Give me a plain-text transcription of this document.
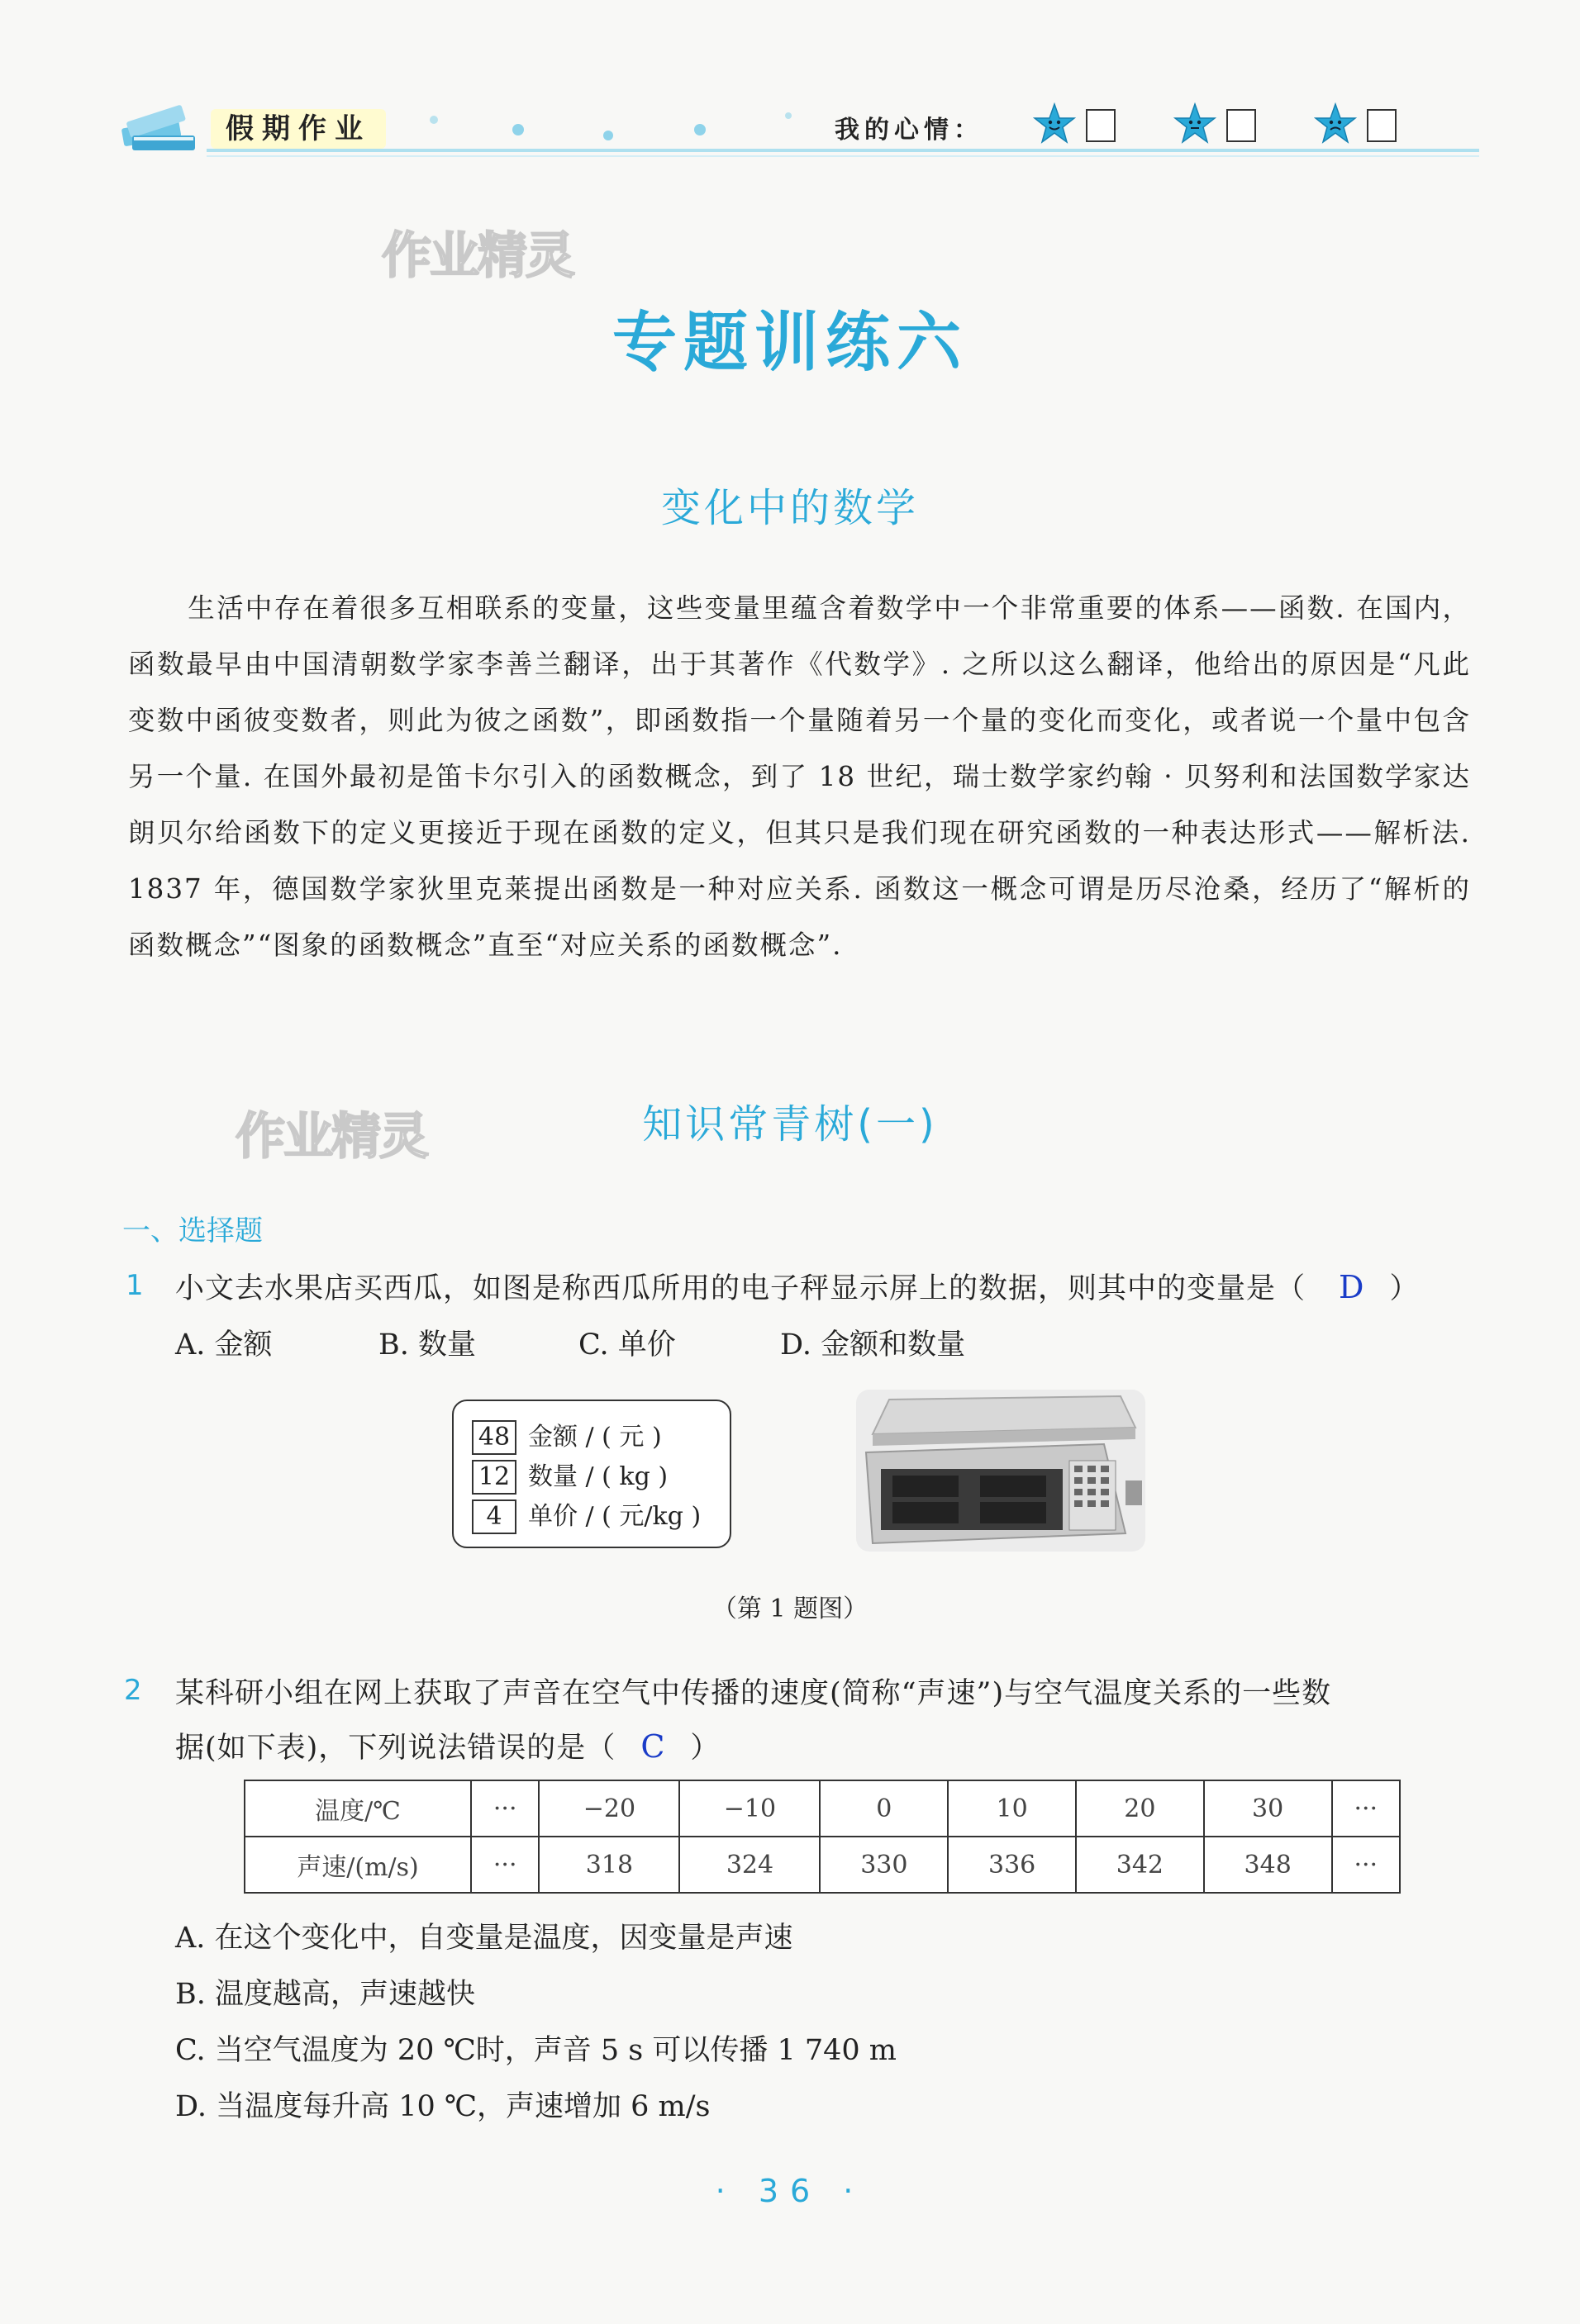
假期作业	我的心情：
作业精灵
作业精灵
专题训练六
变化中的数学
生活中存在着很多互相联系的变量，这些变量里蕴含着数学中一个非常重要的体系——函数. 在国内，函数最早由中国清朝数学家李善兰翻译，出于其著作《代数学》. 之所以这么翻译，他给出的原因是“凡此变数中函彼变数者，则此为彼之函数”，即函数指一个量随着另一个量的变化而变化，或者说一个量中包含另一个量. 在国外最初是笛卡尔引入的函数概念，到了 18 世纪，瑞士数学家约翰 · 贝努利和法国数学家达朗贝尔给函数下的定义更接近于现在函数的定义，但其只是我们现在研究函数的一种表达形式——解析法. 1837 年，德国数学家狄里克莱提出函数是一种对应关系. 函数这一概念可谓是历尽沧桑，经历了“解析的函数概念”“图象的函数概念”直至“对应关系的函数概念”.
知识常青树(一)
一、选择题
1 小文去水果店买西瓜，如图是称西瓜所用的电子秤显示屏上的数据，则其中的变量是（ D ）
A. 金额	B. 数量	C. 单价	D. 金额和数量
48 金额 / ( 元 )
12 数量 / ( kg )
4 单价 / ( 元/kg )
（第 1 题图）
2 某科研小组在网上获取了声音在空气中传播的速度(简称“声速”)与空气温度关系的一些数
据(如下表)，下列说法错误的是（ C ）
温度/℃	···	−20	−10	0	10	20	30	···
声速/(m/s)	···	318	324	330	336	342	348	···
A. 在这个变化中，自变量是温度，因变量是声速
B. 温度越高，声速越快
C. 当空气温度为 20 ℃时，声音 5 s 可以传播 1 740 m
D. 当温度每升高 10 ℃，声速增加 6 m/s
· 36 ·
